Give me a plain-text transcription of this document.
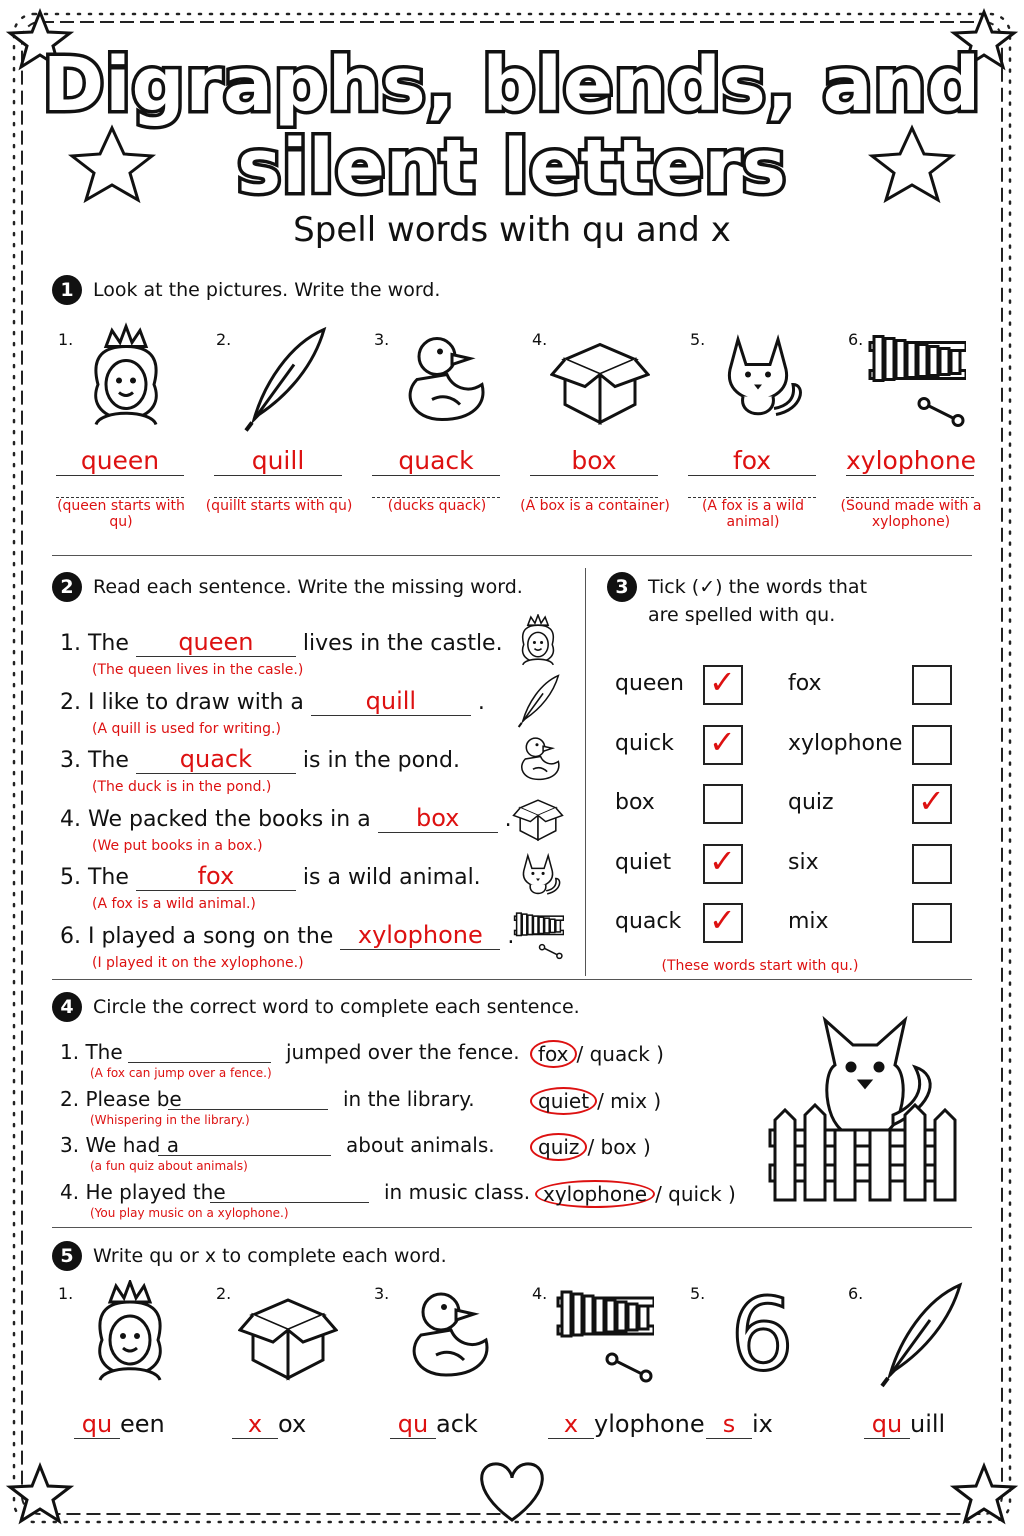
Digraphs, blends, and
silent letters
Spell words with qu and x
1	Look at the pictures. Write the word.
1.
queen
(queen starts with qu)
2.
quill
(quillt starts with qu)
3.
quack
(ducks quack)
4.
box
(A box is a container)
5.
fox
(A fox is a wild animal)
6.
xylophone
(Sound made with a xylophone)
2	Read each sentence. Write the missing word.
1. The queen lives in the castle.
(The queen lives in the casle.)
2. I like to draw with a quill .
(A quill is used for writing.)
3. The quack is in the pond.
(The duck is in the pond.)
4. We packed the books in a box .
(We put books in a box.)
5. The	fox	is a wild animal.
(A fox is a wild animal.)
6. I played a song on the xylophone .
(I played it on the xylophone.)
3	Tick (✓) the words that
are spelled with qu.
queen ✓
quick ✓
box
quiet ✓
quack ✓
fox
xylophone
quiz	✓
six
mix
(These words start with qu.)
4	Circle the correct word to complete each sentence.
1. The	jumped over the fence. fox / quack )
(A fox can jump over a fence.)
2. Please be	in the library.	quiet / mix )
(Whispering in the library.)
3. We had a	about animals.	quiz / box )
(a fun quiz about animals)
4. He played the	in music class. xylophone / quick )
(You play music on a xylophone.)
5	Write qu or x to complete each word.
1.
qu een
2.
x ox
3.
qu ack
4.
x ylophone
5. 6
s ix
6.
qu uill
